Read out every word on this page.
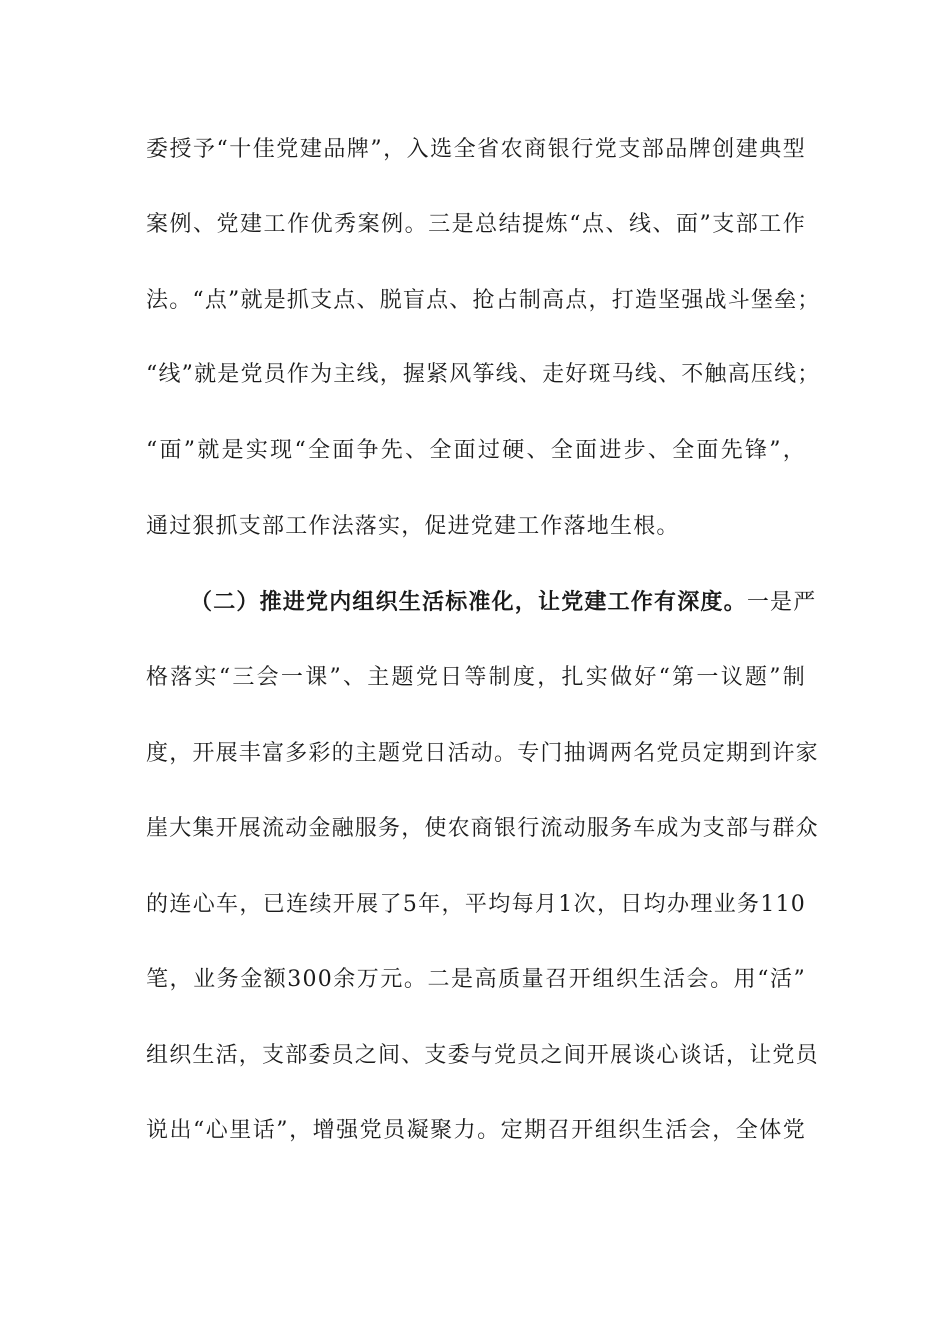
委授予“十佳党建品牌”，入选全省农商银行党支部品牌创建典型
案例、党建工作优秀案例。三是总结提炼“点、线、面”支部工作
法。“点”就是抓支点、脱盲点、抢占制高点，打造坚强战斗堡垒；
“线”就是党员作为主线，握紧风筝线、走好斑马线、不触高压线；
“面”就是实现“全面争先、全面过硬、全面进步、全面先锋”，
通过狠抓支部工作法落实，促进党建工作落地生根。
（二）推进党内组织生活标准化，让党建工作有深度。一是严
格落实“三会一课”、主题党日等制度，扎实做好“第一议题”制
度，开展丰富多彩的主题党日活动。专门抽调两名党员定期到许家
崖大集开展流动金融服务，使农商银行流动服务车成为支部与群众
的连心车，已连续开展了5年，平均每月1次，日均办理业务110
笔，业务金额300余万元。二是高质量召开组织生活会。用“活”
组织生活，支部委员之间、支委与党员之间开展谈心谈话，让党员
说出“心里话”，增强党员凝聚力。定期召开组织生活会，全体党
